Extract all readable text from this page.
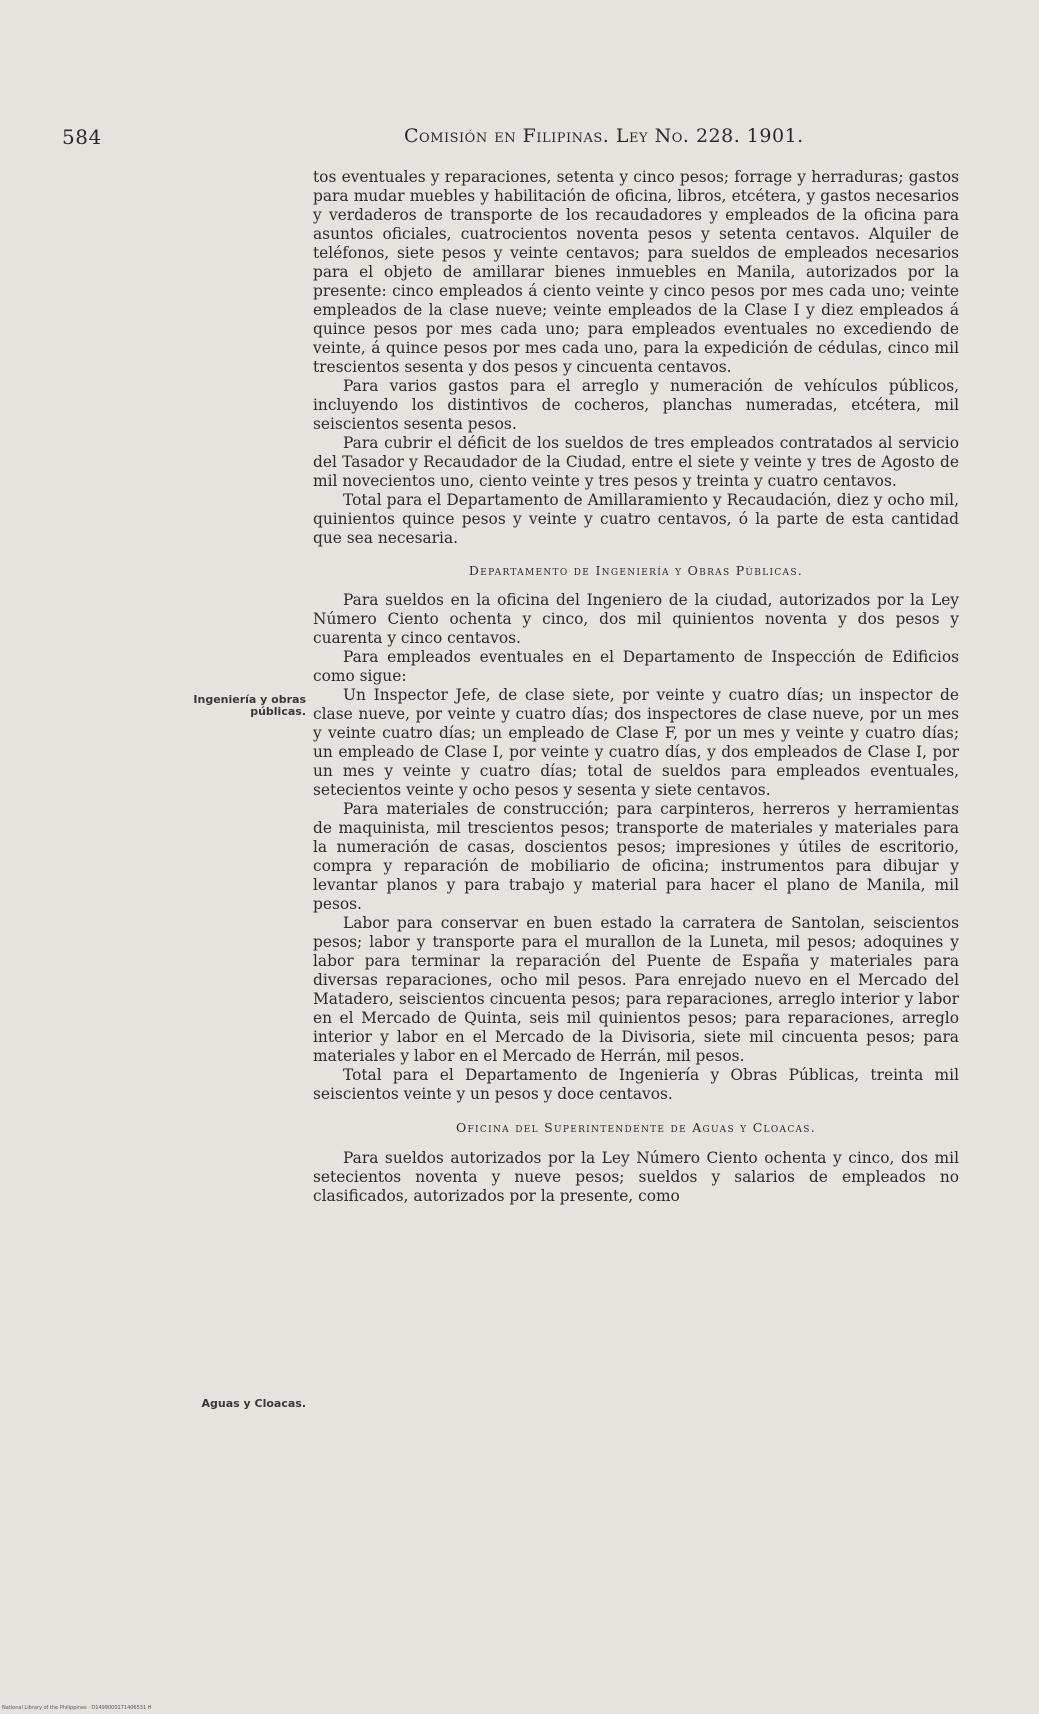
584	Comisión en Filipinas. Ley No. 228. 1901.
Ingeniería y obras públicas.
Aguas y Cloacas.

tos eventuales y reparaciones, setenta y cinco pesos; forrage y herraduras; gastos para mudar muebles y habilitación de oficina, libros, etcétera, y gastos necesarios y verdaderos de transporte de los recaudadores y empleados de la oficina para asuntos oficiales, cuatrocientos noventa pesos y setenta centavos. Alquiler de teléfonos, siete pesos y veinte centavos; para sueldos de empleados necesarios para el objeto de amillarar bienes inmuebles en Manila, autorizados por la presente: cinco empleados á ciento veinte y cinco pesos por mes cada uno; veinte empleados de la clase nueve; veinte empleados de la Clase I y diez empleados á quince pesos por mes cada uno; para empleados eventuales no excediendo de veinte, á quince pesos por mes cada uno, para la expedición de cédulas, cinco mil trescientos sesenta y dos pesos y cincuenta centavos.

Para varios gastos para el arreglo y numeración de vehículos públicos, incluyendo los distintivos de cocheros, planchas numeradas, etcétera, mil seiscientos sesenta pesos.

Para cubrir el déficit de los sueldos de tres empleados contratados al servicio del Tasador y Recaudador de la Ciudad, entre el siete y veinte y tres de Agosto de mil novecientos uno, ciento veinte y tres pesos y treinta y cuatro centavos.

Total para el Departamento de Amillaramiento y Recaudación, diez y ocho mil, quinientos quince pesos y veinte y cuatro centavos, ó la parte de esta cantidad que sea necesaria.

Departamento de Ingeniería y Obras Públicas.

Para sueldos en la oficina del Ingeniero de la ciudad, autorizados por la Ley Número Ciento ochenta y cinco, dos mil quinientos noventa y dos pesos y cuarenta y cinco centavos.

Para empleados eventuales en el Departamento de Inspección de Edificios como sigue:

Un Inspector Jefe, de clase siete, por veinte y cuatro días; un inspector de clase nueve, por veinte y cuatro días; dos inspectores de clase nueve, por un mes y veinte cuatro días; un empleado de Clase F, por un mes y veinte y cuatro días; un empleado de Clase I, por veinte y cuatro días, y dos empleados de Clase I, por un mes y veinte y cuatro días; total de sueldos para empleados eventuales, setecientos veinte y ocho pesos y sesenta y siete centavos.

Para materiales de construcción; para carpinteros, herreros y herramientas de maquinista, mil trescientos pesos; transporte de materiales y materiales para la numeración de casas, doscientos pesos; impresiones y útiles de escritorio, compra y reparación de mobiliario de oficina; instrumentos para dibujar y levantar planos y para trabajo y material para hacer el plano de Manila, mil pesos.

Labor para conservar en buen estado la carratera de Santolan, seiscientos pesos; labor y transporte para el murallon de la Luneta, mil pesos; adoquines y labor para terminar la reparación del Puente de España y materiales para diversas reparaciones, ocho mil pesos. Para enrejado nuevo en el Mercado del Matadero, seiscientos cincuenta pesos; para reparaciones, arreglo interior y labor en el Mercado de Quinta, seis mil quinientos pesos; para reparaciones, arreglo interior y labor en el Mercado de la Divisoria, siete mil cincuenta pesos; para materiales y labor en el Mercado de Herrán, mil pesos.

Total para el Departamento de Ingeniería y Obras Públicas, treinta mil seiscientos veinte y un pesos y doce centavos.

Oficina del Superintendente de Aguas y Cloacas.

Para sueldos autorizados por la Ley Número Ciento ochenta y cinco, dos mil setecientos noventa y nueve pesos; sueldos y salarios de empleados no clasificados, autorizados por la presente, como

National Library of the Philippines · D1499000171406531 H
